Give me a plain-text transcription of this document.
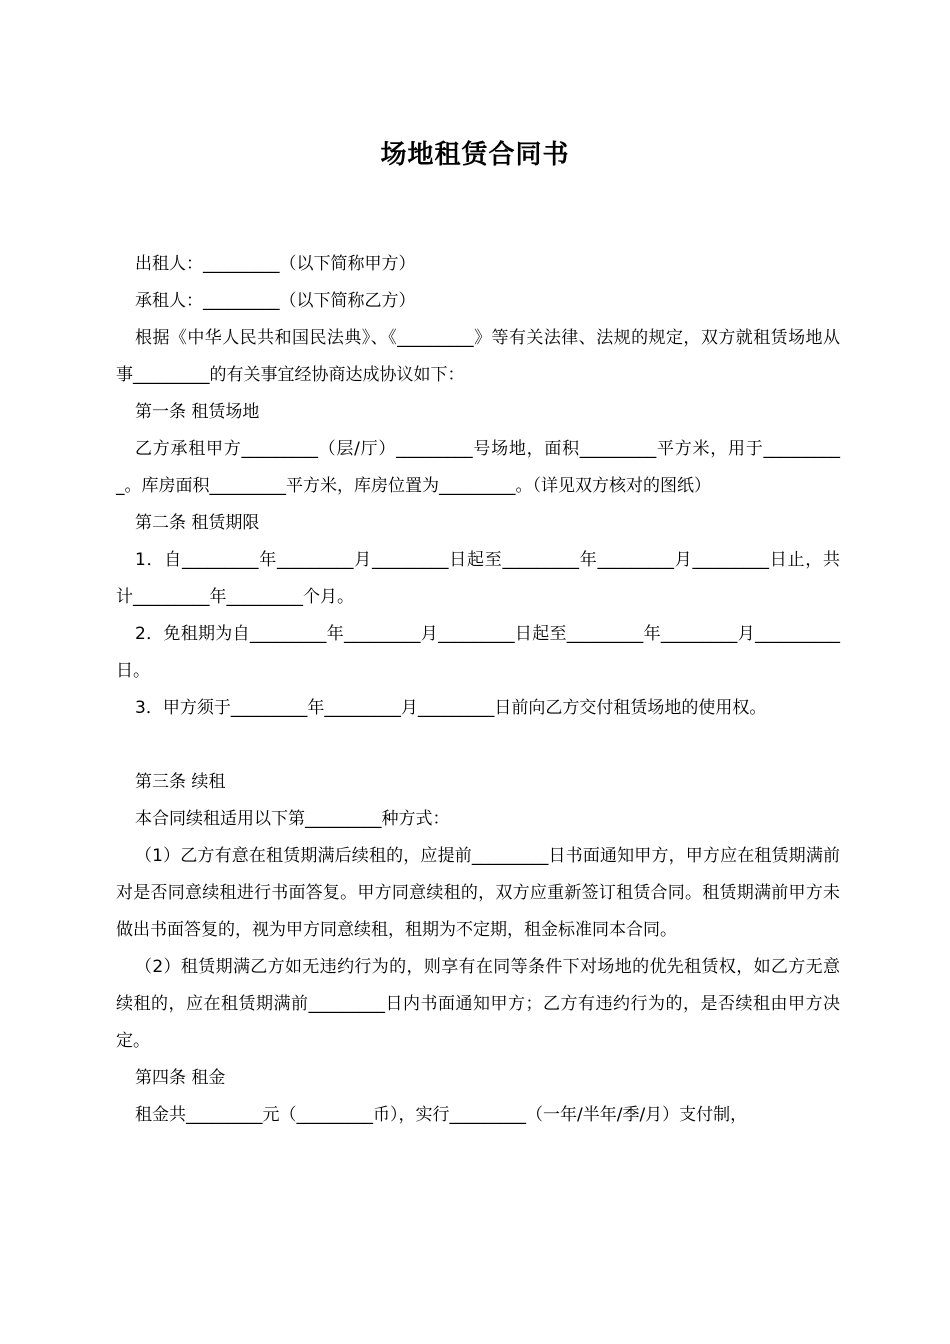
场地租赁合同书

出租人：_________（以下简称甲方）

承租人：_________（以下简称乙方）

根据《中华人民共和国民法典》、《_________》等有关法律、法规的规定，双方就租赁场地从事_________的有关事宜经协商达成协议如下：

第一条 租赁场地

乙方承租甲方_________（层/厅）_________号场地，面积_________平方米，用于__________。库房面积_________平方米，库房位置为_________。（详见双方核对的图纸）

第二条 租赁期限

1．自_________年_________月_________日起至_________年_________月_________日止，共计_________年_________个月。

2．免租期为自_________年_________月_________日起至_________年_________月__________日。

3．甲方须于_________年_________月_________日前向乙方交付租赁场地的使用权。

第三条 续租

本合同续租适用以下第_________种方式：

（1）乙方有意在租赁期满后续租的，应提前_________日书面通知甲方，甲方应在租赁期满前对是否同意续租进行书面答复。甲方同意续租的，双方应重新签订租赁合同。租赁期满前甲方未做出书面答复的，视为甲方同意续租，租期为不定期，租金标准同本合同。

（2）租赁期满乙方如无违约行为的，则享有在同等条件下对场地的优先租赁权，如乙方无意续租的，应在租赁期满前_________日内书面通知甲方；乙方有违约行为的，是否续租由甲方决定。

第四条 租金

租金共_________元（_________币），实行_________（一年/半年/季/月）支付制，
